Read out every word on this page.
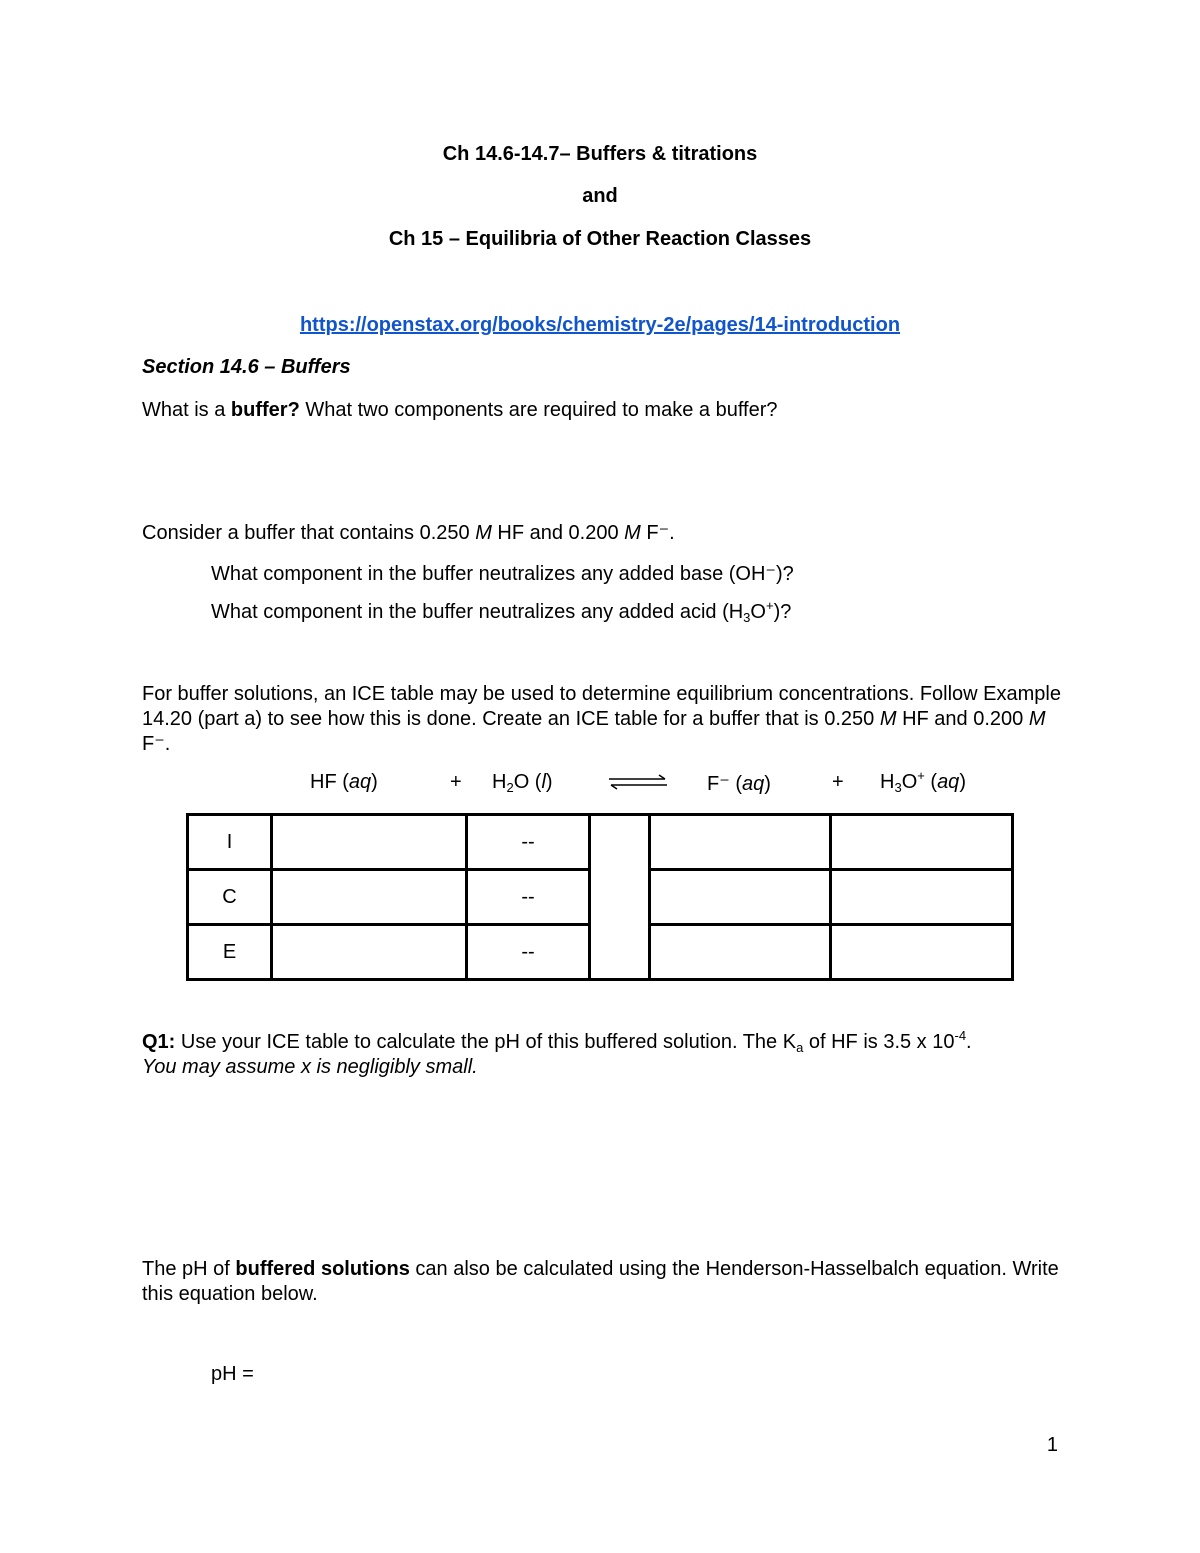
Ch 14.6-14.7– Buffers & titrations
and
Ch 15 – Equilibria of Other Reaction Classes
https://openstax.org/books/chemistry-2e/pages/14-introduction
Section 14.6 – Buffers
What is a buffer? What two components are required to make a buffer?
Consider a buffer that contains 0.250 M HF and 0.200 M F⁻.
What component in the buffer neutralizes any added base (OH⁻)?
What component in the buffer neutralizes any added acid $(H_3O^+)$?
For buffer solutions, an ICE table may be used to determine equilibrium concentrations. Follow Example 14.20 (part a) to see how this is done. Create an ICE table for a buffer that is 0.250 M HF and 0.200 M F⁻.
HF (aq)	+ $H_2O$ (l)	F⁻ (aq)	+ $H_3O^+$ (aq)
I		--			
C		--			
E		--			
Q1: Use your ICE table to calculate the pH of this buffered solution. The $K_a$ of HF is 3.5 x $10^{-4}$.
You may assume x is negligibly small.
The pH of buffered solutions can also be calculated using the Henderson-Hasselbalch equation. Write this equation below.
pH =
1
